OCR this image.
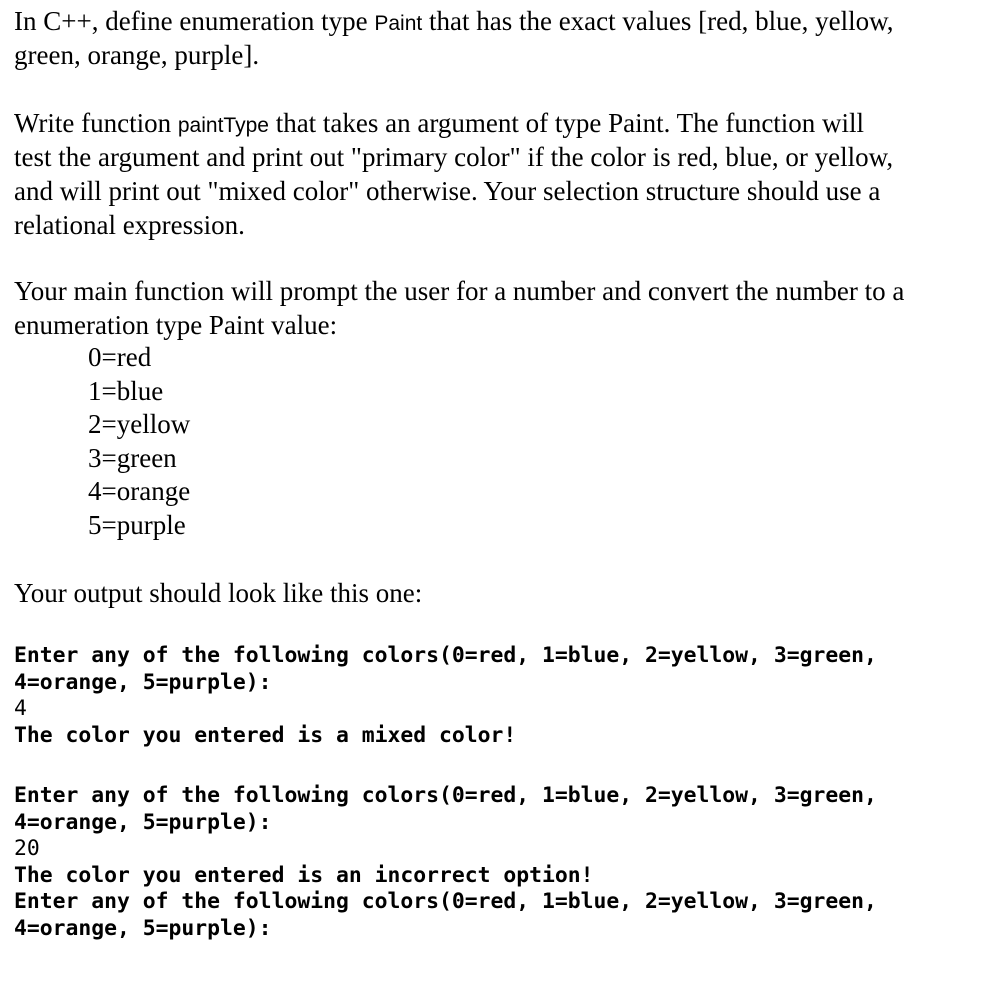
In C++, define enumeration type Paint that has the exact values [red, blue, yellow,
green, orange, purple].
Write function paintType that takes an argument of type Paint. The function will
test the argument and print out "primary color" if the color is red, blue, or yellow,
and will print out "mixed color" otherwise. Your selection structure should use a
relational expression.
Your main function will prompt the user for a number and convert the number to a
enumeration type Paint value:
0=red
1=blue
2=yellow
3=green
4=orange
5=purple
Your output should look like this one:
Enter any of the following colors(0=red, 1=blue, 2=yellow, 3=green,
4=orange, 5=purple):
4
The color you entered is a mixed color!
Enter any of the following colors(0=red, 1=blue, 2=yellow, 3=green,
4=orange, 5=purple):
20
The color you entered is an incorrect option!
Enter any of the following colors(0=red, 1=blue, 2=yellow, 3=green,
4=orange, 5=purple):
